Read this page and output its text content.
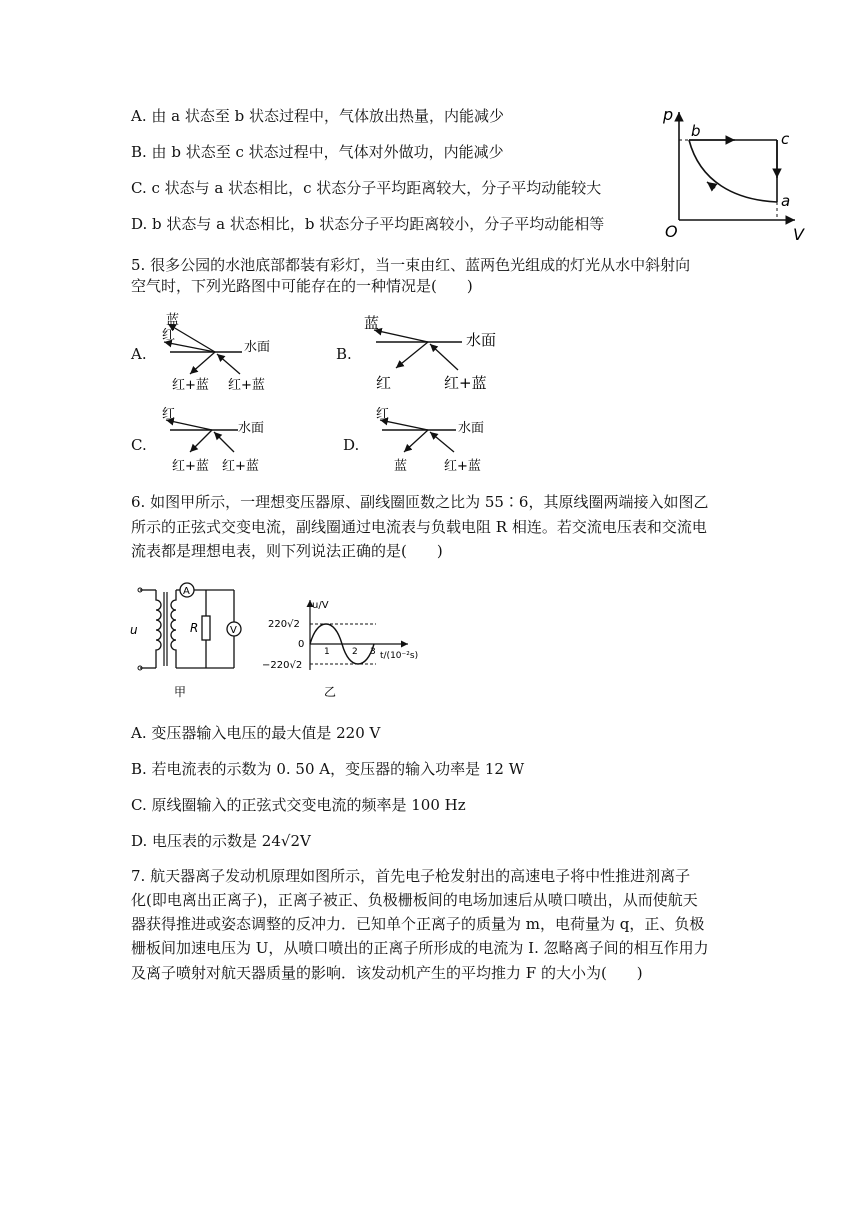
A. 由 a 状态至 b 状态过程中，气体放出热量，内能减少
B. 由 b 状态至 c 状态过程中，气体对外做功，内能减少
C. c 状态与 a 状态相比，c 状态分子平均距离较大，分子平均动能较大
D. b 状态与 a 状态相比，b 状态分子平均距离较小，分子平均动能相等
p
V
O
b	c
a
5. 很多公园的水池底部都装有彩灯，当一束由红、蓝两色光组成的灯光从水中斜射向
空气时，下列光路图中可能存在的一种情况是(　　)
A.
蓝
红
水面
红+蓝 红+蓝
B.
蓝
水面
红	红+蓝
C.
红
水面
红+蓝 红+蓝
D.
红
水面
蓝	红+蓝
6. 如图甲所示，一理想变压器原、副线圈匝数之比为 55∶6，其原线圈两端接入如图乙
所示的正弦式交变电流，副线圈通过电流表与负载电阻 R 相连。若交流电压表和交流电
流表都是理想电表，则下列说法正确的是(　　)
A
V
u	R
甲
u/V
220√2
0
−220√2
1 2 3 t/(10⁻²s)
乙
A. 变压器输入电压的最大值是 220 V
B. 若电流表的示数为 0. 50 A，变压器的输入功率是 12 W
C. 原线圈输入的正弦式交变电流的频率是 100 Hz
D. 电压表的示数是 24√2V
7. 航天器离子发动机原理如图所示，首先电子枪发射出的高速电子将中性推进剂离子
化(即电离出正离子)，正离子被正、负极栅板间的电场加速后从喷口喷出，从而使航天
器获得推进或姿态调整的反冲力．已知单个正离子的质量为 m，电荷量为 q，正、负极
栅板间加速电压为 U，从喷口喷出的正离子所形成的电流为 I. 忽略离子间的相互作用力
及离子喷射对航天器质量的影响．该发动机产生的平均推力 F 的大小为(　　)
